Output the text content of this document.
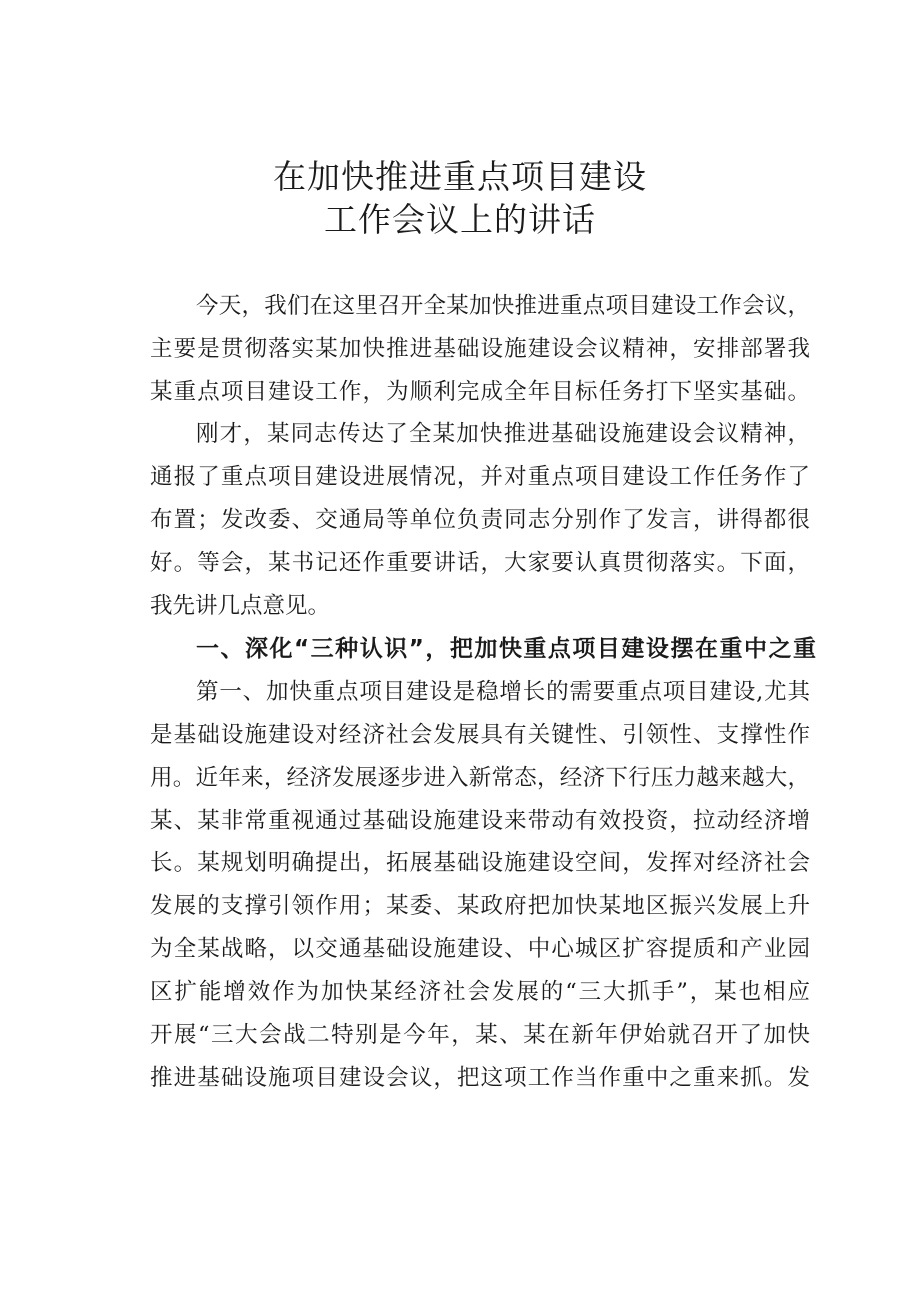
在加快推进重点项目建设
工作会议上的讲话
今天，我们在这里召开全某加快推进重点项目建设工作会议，
主要是贯彻落实某加快推进基础设施建设会议精神，安排部署我
某重点项目建设工作，为顺利完成全年目标任务打下坚实基础。
刚才，某同志传达了全某加快推进基础设施建设会议精神，
通报了重点项目建设进展情况，并对重点项目建设工作任务作了
布置；发改委、交通局等单位负责同志分别作了发言，讲得都很
好。等会，某书记还作重要讲话，大家要认真贯彻落实。下面，
我先讲几点意见。
一、深化“三种认识”，把加快重点项目建设摆在重中之重
第一、加快重点项目建设是稳增长的需要重点项目建设,尤其
是基础设施建设对经济社会发展具有关键性、引领性、支撑性作
用。近年来，经济发展逐步进入新常态，经济下行压力越来越大，
某、某非常重视通过基础设施建设来带动有效投资，拉动经济增
长。某规划明确提出，拓展基础设施建设空间，发挥对经济社会
发展的支撑引领作用；某委、某政府把加快某地区振兴发展上升
为全某战略，以交通基础设施建设、中心城区扩容提质和产业园
区扩能增效作为加快某经济社会发展的“三大抓手”，某也相应
开展“三大会战二特别是今年，某、某在新年伊始就召开了加快
推进基础设施项目建设会议，把这项工作当作重中之重来抓。发
